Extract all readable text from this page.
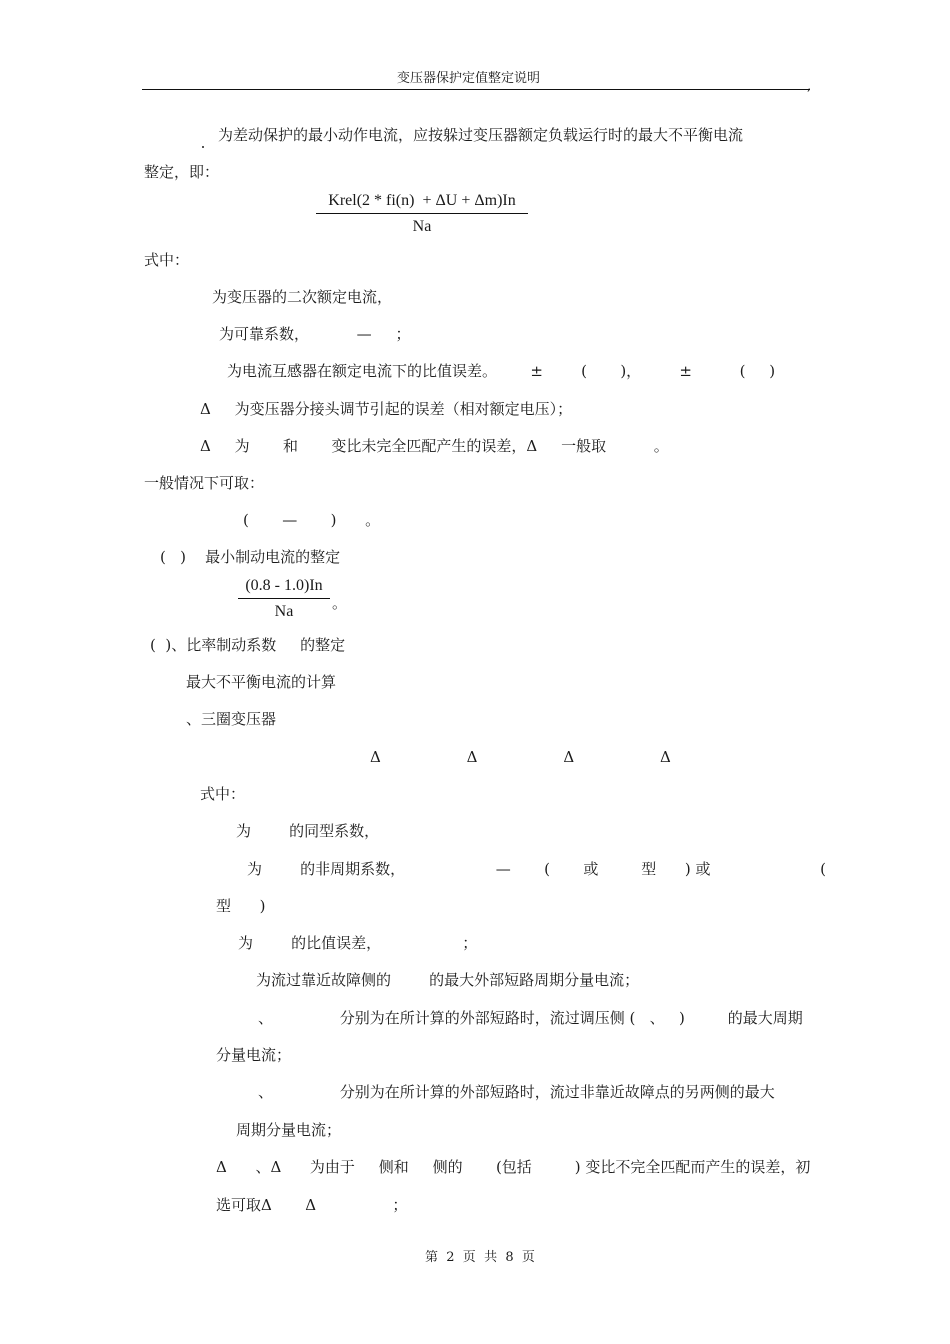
变压器保护定值整定说明
,
为差动保护的最小动作电流，应按躲过变压器额定负载运行时的最大不平衡电流
整定，即：
Krel(2 * fi(n)  + ΔU + Δm)In
Na
式中：
为变压器的二次额定电流，
为可靠系数，          —     ；
为电流互感器在额定电流下的比值误差。       ±        (       )，        ±          (     )
Δ     为变压器分接头调节引起的误差（相对额定电压）；
Δ     为       和       变比未完全匹配产生的误差，Δ     一般取          。
一般情况下可取：
(       —       )      。
(   )    最小制动电流的整定
$\frac{(0.8 - 1.0)In}{Na}$ 。
(  )、比率制动系数     的整定
最大不平衡电流的计算
、三圈变压器
Δ                  Δ                  Δ                  Δ
式中：
为        的同型系数，
为        的非周期系数，                   —       (       或         型      ) 或                       (
型      )
为        的比值误差，                 ；
为流过靠近故障侧的        的最大外部短路周期分量电流；
、              分别为在所计算的外部短路时，流过调压侧 (   、   )         的最大周期
分量电流；
、              分别为在所计算的外部短路时，流过非靠近故障点的另两侧的最大
周期分量电流；
Δ      、Δ      为由于     侧和     侧的       (包括         ) 变比不完全匹配而产生的误差，初
选可取Δ       Δ                ；
第  2  页  共  8  页
